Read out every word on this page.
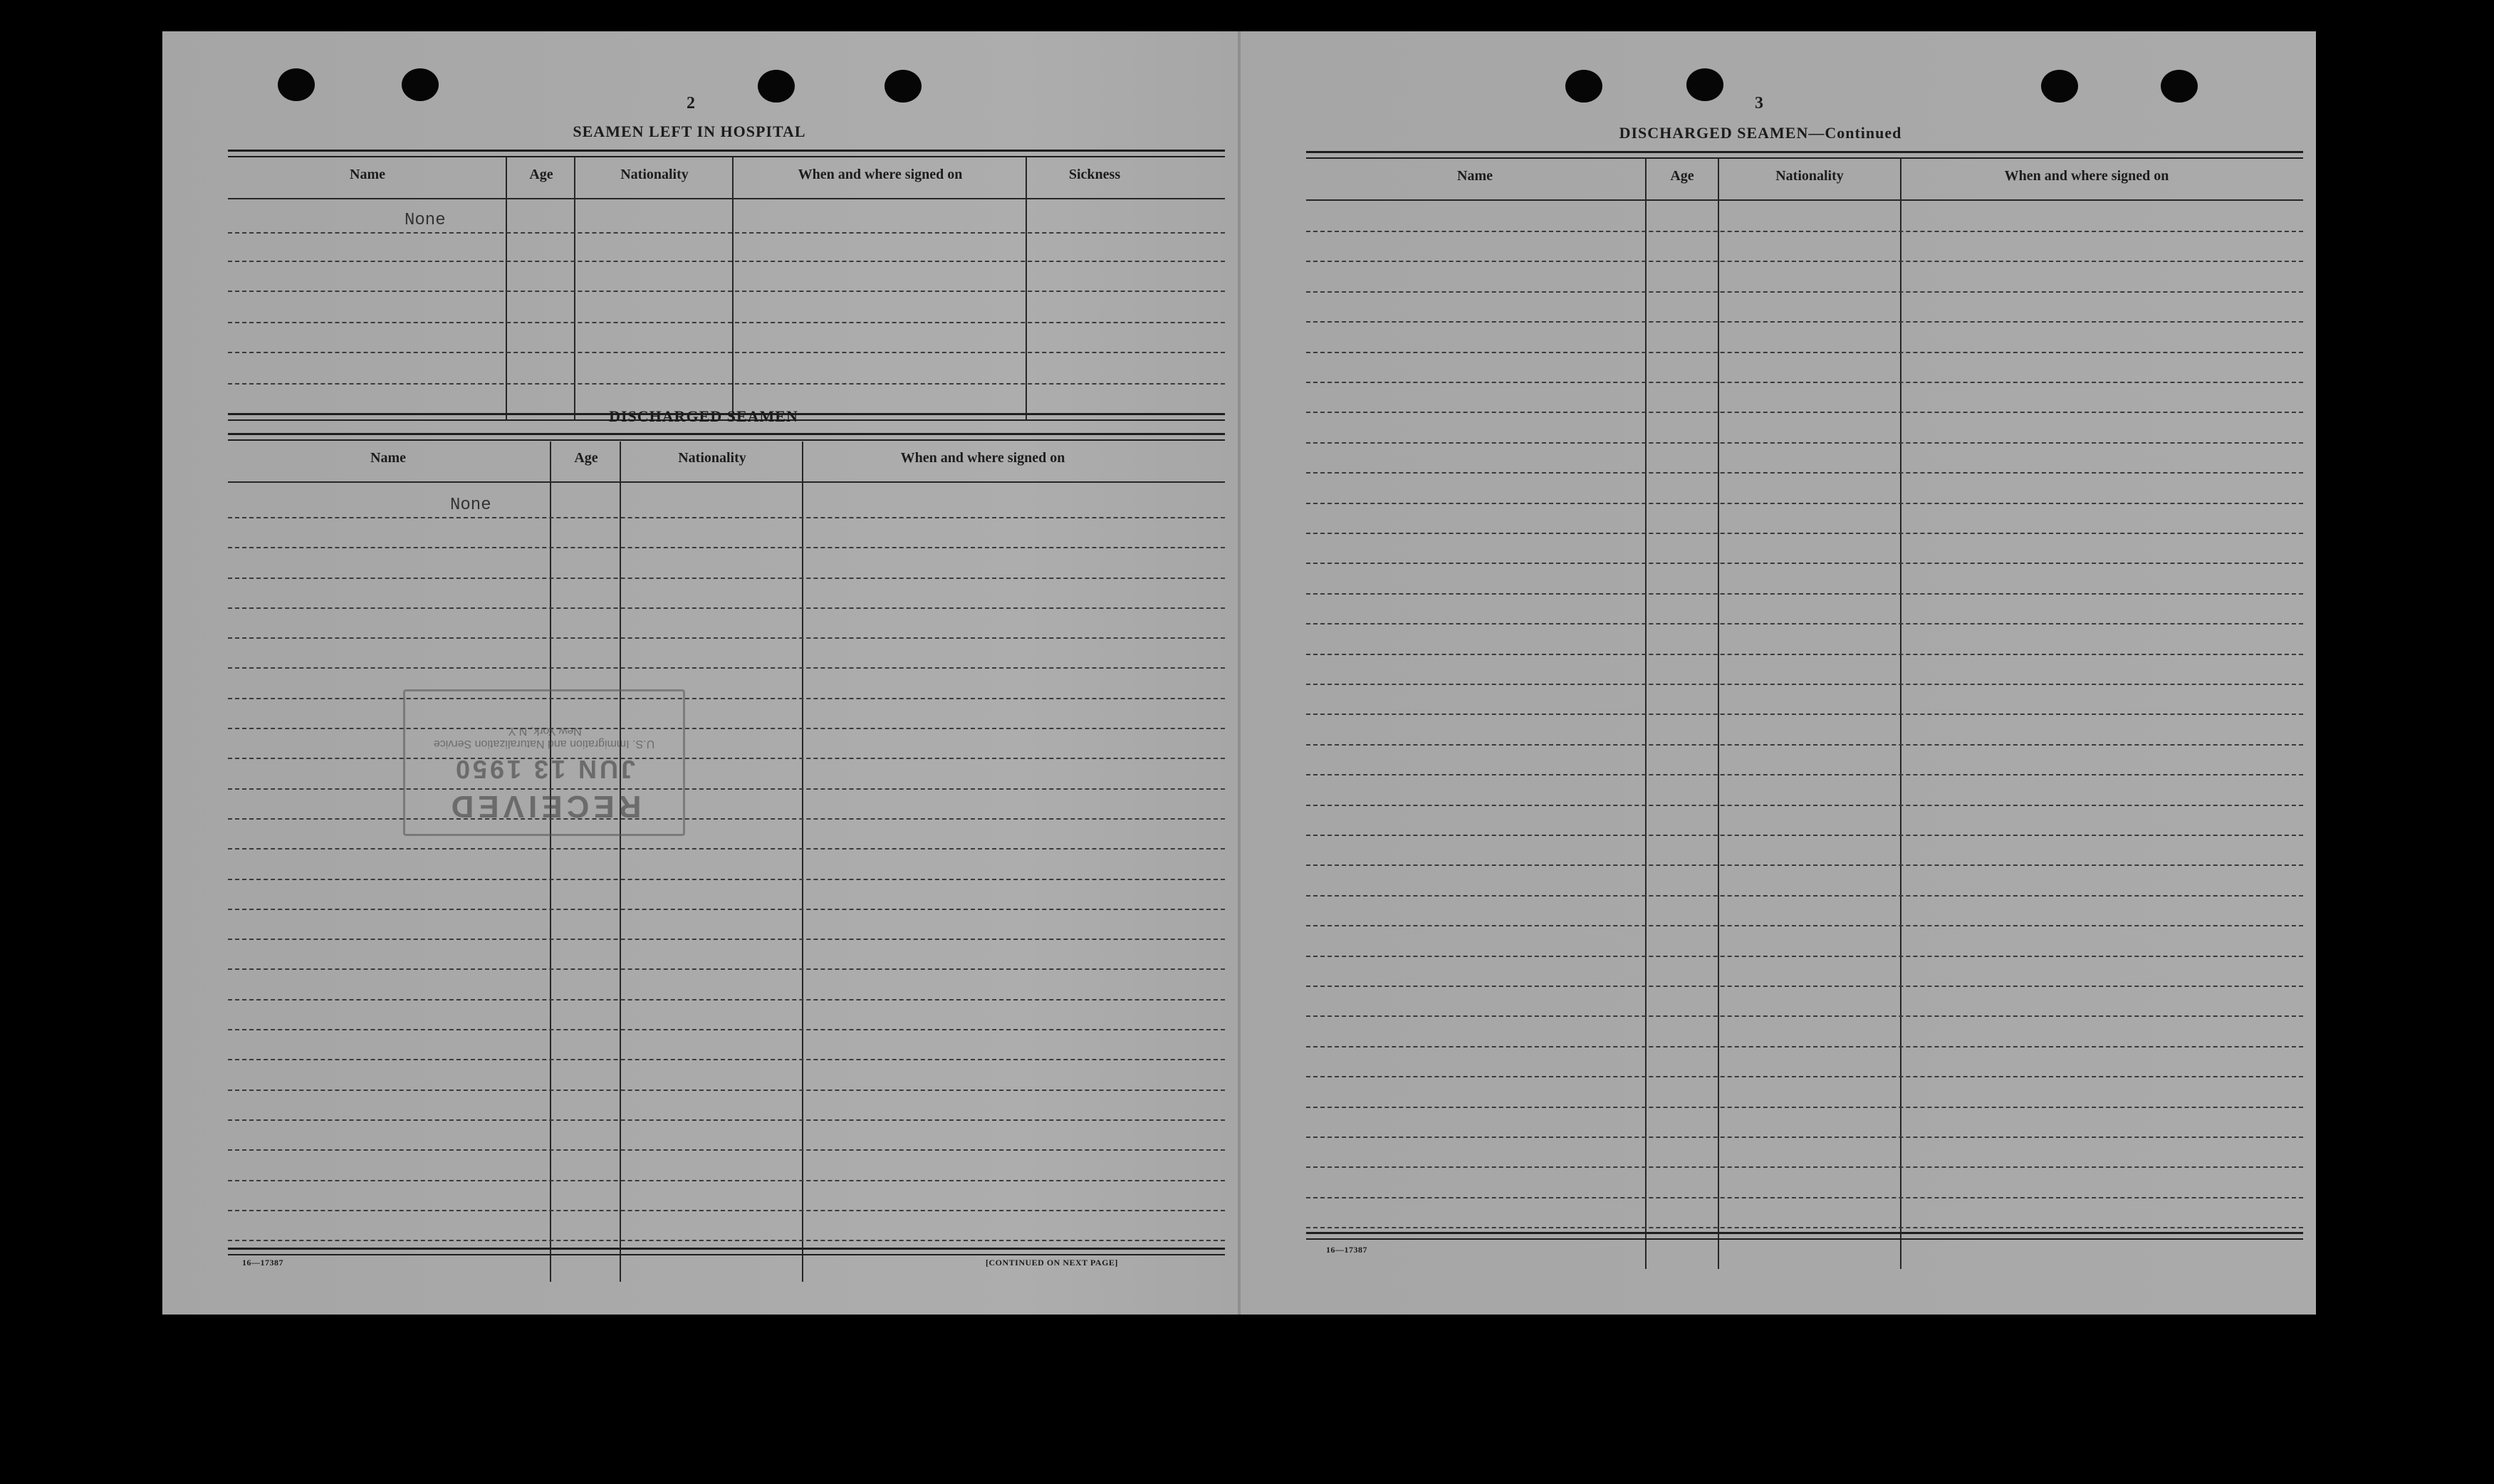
2
SEAMEN LEFT IN HOSPITAL
Name	Age	Nationality	When and where signed on	Sickness
None
DISCHARGED SEAMEN
Name	Age	Nationality	When and where signed on
None
RECEIVED
JUN 13 1950
U.S. Immigration and Naturalization Service
New York, N.Y.
16—17387	[CONTINUED ON NEXT PAGE]
3
DISCHARGED SEAMEN—Continued
Name	Age	Nationality	When and where signed on
16—17387
